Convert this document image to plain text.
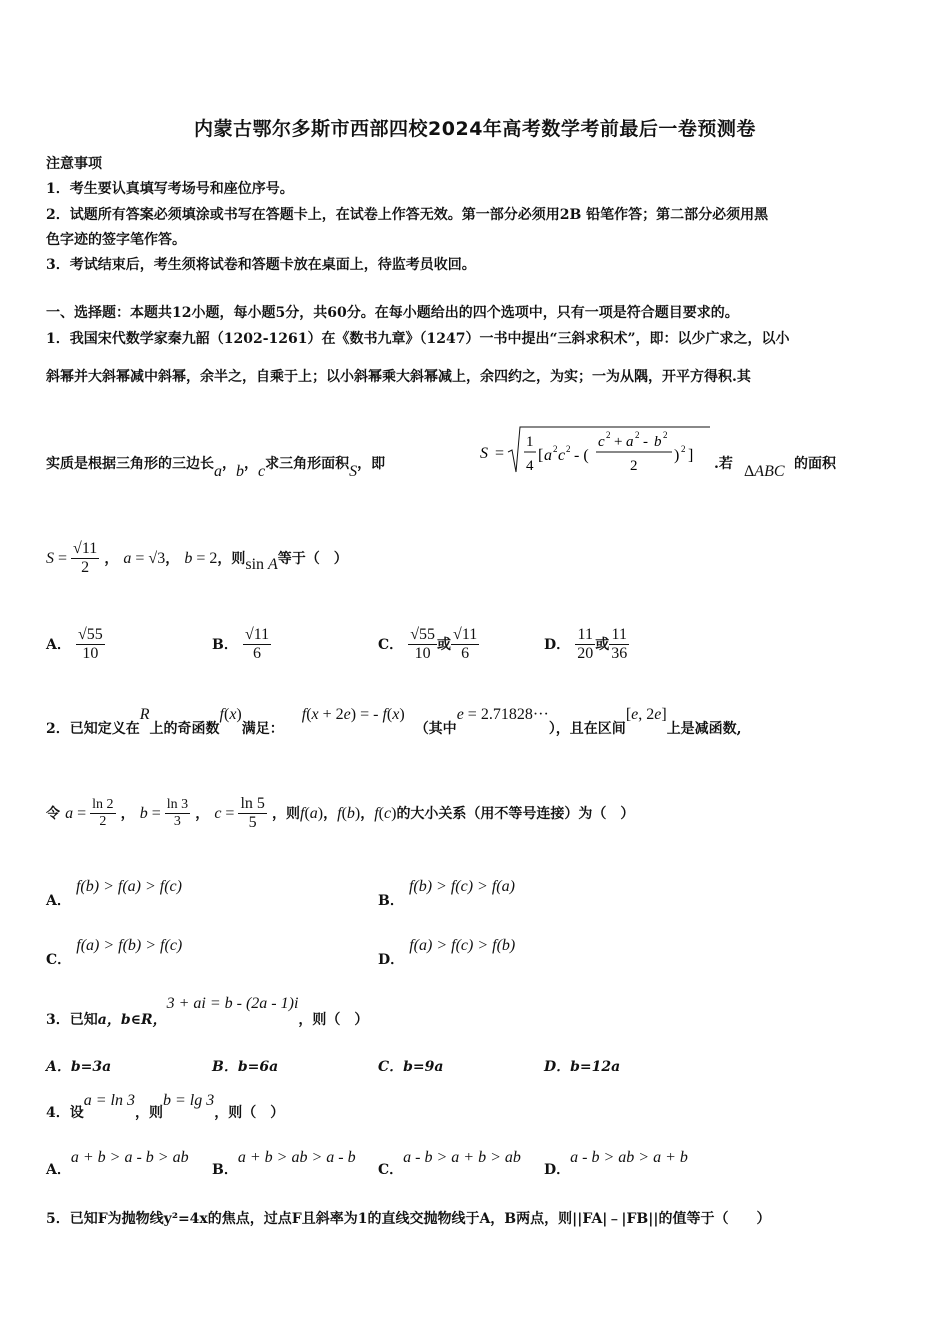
内蒙古鄂尔多斯市西部四校2024年高考数学考前最后一卷预测卷
注意事项
1．考生要认真填写考场号和座位序号。
2．试题所有答案必须填涂或书写在答题卡上，在试卷上作答无效。第一部分必须用2B 铅笔作答；第二部分必须用黑
色字迹的签字笔作答。
3．考试结束后，考生须将试卷和答题卡放在桌面上，待监考员收回。
一、选择题：本题共12小题，每小题5分，共60分。在每小题给出的四个选项中，只有一项是符合题目要求的。
1．我国宋代数学家秦九韶（1202-1261）在《数书九章》（1247）一书中提出“三斜求积术”，即：以少广求之，以小
斜幂并大斜幂减中斜幂，余半之，自乘于上；以小斜幂乘大斜幂减上，余四约之，为实；一为从隅，开平方得积.其
实质是根据三角形的三边长a，b，c求三角形面积S，即
S =
1
4
[ a 2 c 2 - (
c 2 + a 2 - b 2
2
) 2 ] .若 ΔABC 的面积
$S = \frac{√11}{2}$ ， a = √3， b = 2，则sin A等于（　）
A． $\frac{√55}{10}$	B． $\frac{√11}{6}$	C． $\frac{√55}{10}$ 或 $\frac{√11}{6}$	D． $\frac{11}{20}$ 或 $\frac{11}{36}$
2．已知定义在R上的奇函数f(x)满足：f(x + 2e) = - f(x)（其中e = 2.71828···），且在区间[e, 2e]上是减函数,
令 $a = \frac{\ln 2}{2}$ ， $b = \frac{\ln 3}{3}$ ， $c = \frac{\ln 5}{5}$ ，则f(a)，f(b)，f(c)的大小关系（用不等号连接）为（　）
A． f(b) > f(a) > f(c)
B． f(b) > f(c) > f(a)
C． f(a) > f(b) > f(c)
D． f(a) > f(c) > f(b)
3．已知a，b∈R，3 + ai = b - (2a - 1)i，则（　）
A．b=3a	B．b=6a	C．b=9a	D．b=12a
4．设a = ln 3，则b = lg 3，则（　）
A．a + b > a - b > ab
B．a + b > ab > a - b
C．a - b > a + b > ab
D．a - b > ab > a + b
5．已知F为抛物线y²=4x的焦点，过点F且斜率为1的直线交抛物线于A，B两点，则||FA|﹣|FB||的值等于（　　）
